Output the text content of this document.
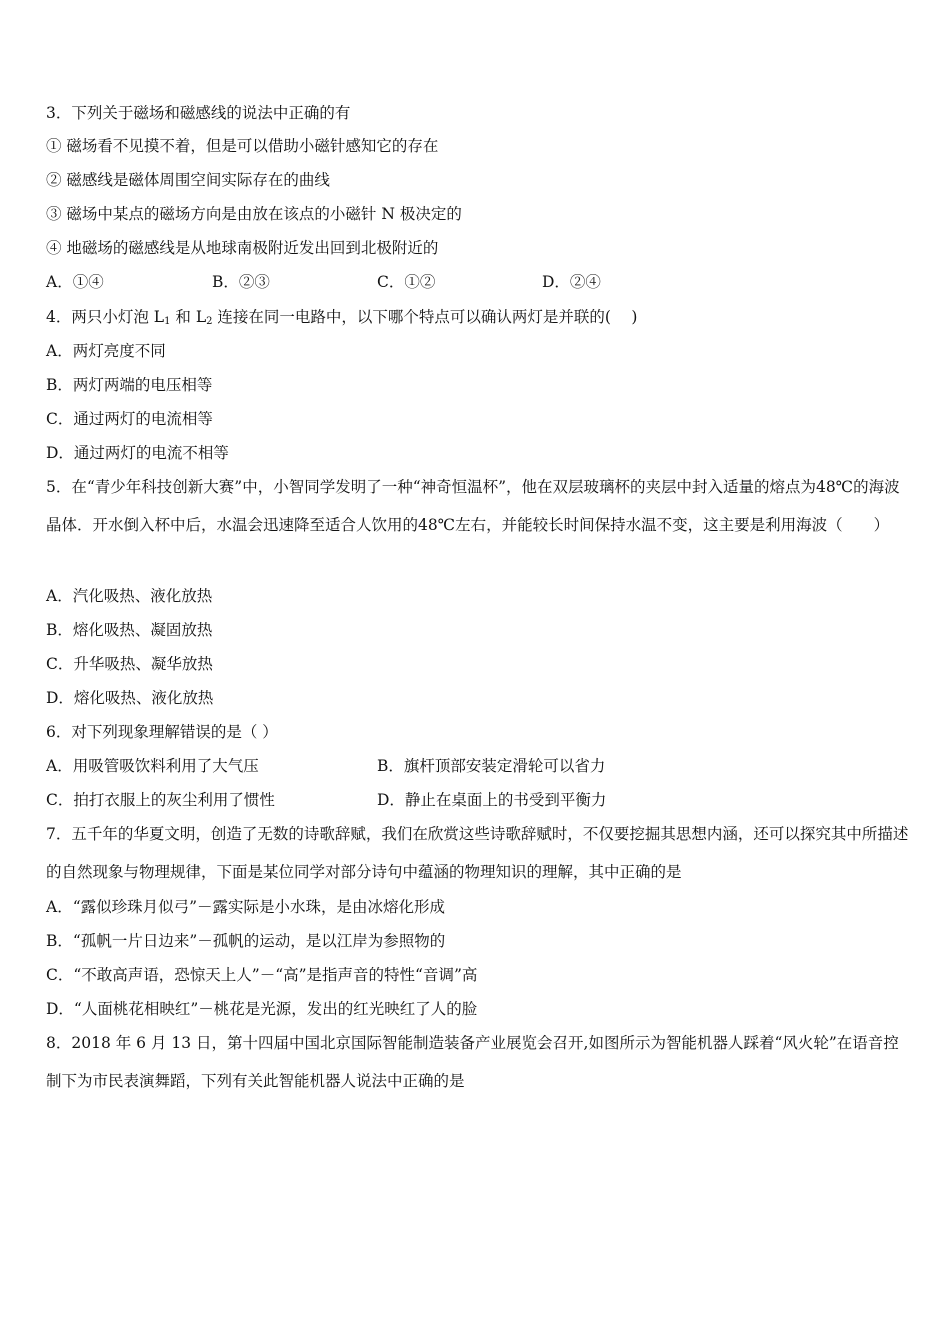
3．下列关于磁场和磁感线的说法中正确的有
① 磁场看不见摸不着，但是可以借助小磁针感知它的存在
② 磁感线是磁体周围空间实际存在的曲线
③ 磁场中某点的磁场方向是由放在该点的小磁针 N 极决定的
④ 地磁场的磁感线是从地球南极附近发出回到北极附近的
A．①④	B．②③	C．①②	D．②④
4．两只小灯泡 $L_1$ 和 $L_2$ 连接在同一电路中，以下哪个特点可以确认两灯是并联的(　 )
A．两灯亮度不同
B．两灯两端的电压相等
C．通过两灯的电流相等
D．通过两灯的电流不相等
5．在“青少年科技创新大赛”中，小智同学发明了一种“神奇恒温杯”，他在双层玻璃杯的夹层中封入适量的熔点为48℃的海波晶体．开水倒入杯中后，水温会迅速降至适合人饮用的48℃左右，并能较长时间保持水温不变，这主要是利用海波（　　）
A．汽化吸热、液化放热
B．熔化吸热、凝固放热
C．升华吸热、凝华放热
D．熔化吸热、液化放热
6．对下列现象理解错误的是（ ）
A．用吸管吸饮料利用了大气压	B．旗杆顶部安装定滑轮可以省力
C．拍打衣服上的灰尘利用了惯性	D．静止在桌面上的书受到平衡力
7．五千年的华夏文明，创造了无数的诗歌辞赋，我们在欣赏这些诗歌辞赋时，不仅要挖掘其思想内涵，还可以探究其中所描述的自然现象与物理规律，下面是某位同学对部分诗句中蕴涵的物理知识的理解，其中正确的是
A．“露似珍珠月似弓”－露实际是小水珠，是由冰熔化形成
B．“孤帆一片日边来”－孤帆的运动，是以江岸为参照物的
C．“不敢高声语，恐惊天上人”－“高”是指声音的特性“音调”高
D．“人面桃花相映红”－桃花是光源，发出的红光映红了人的脸
8．2018 年 6 月 13 日，第十四届中国北京国际智能制造装备产业展览会召开,如图所示为智能机器人踩着“风火轮”在语音控制下为市民表演舞蹈，下列有关此智能机器人说法中正确的是
